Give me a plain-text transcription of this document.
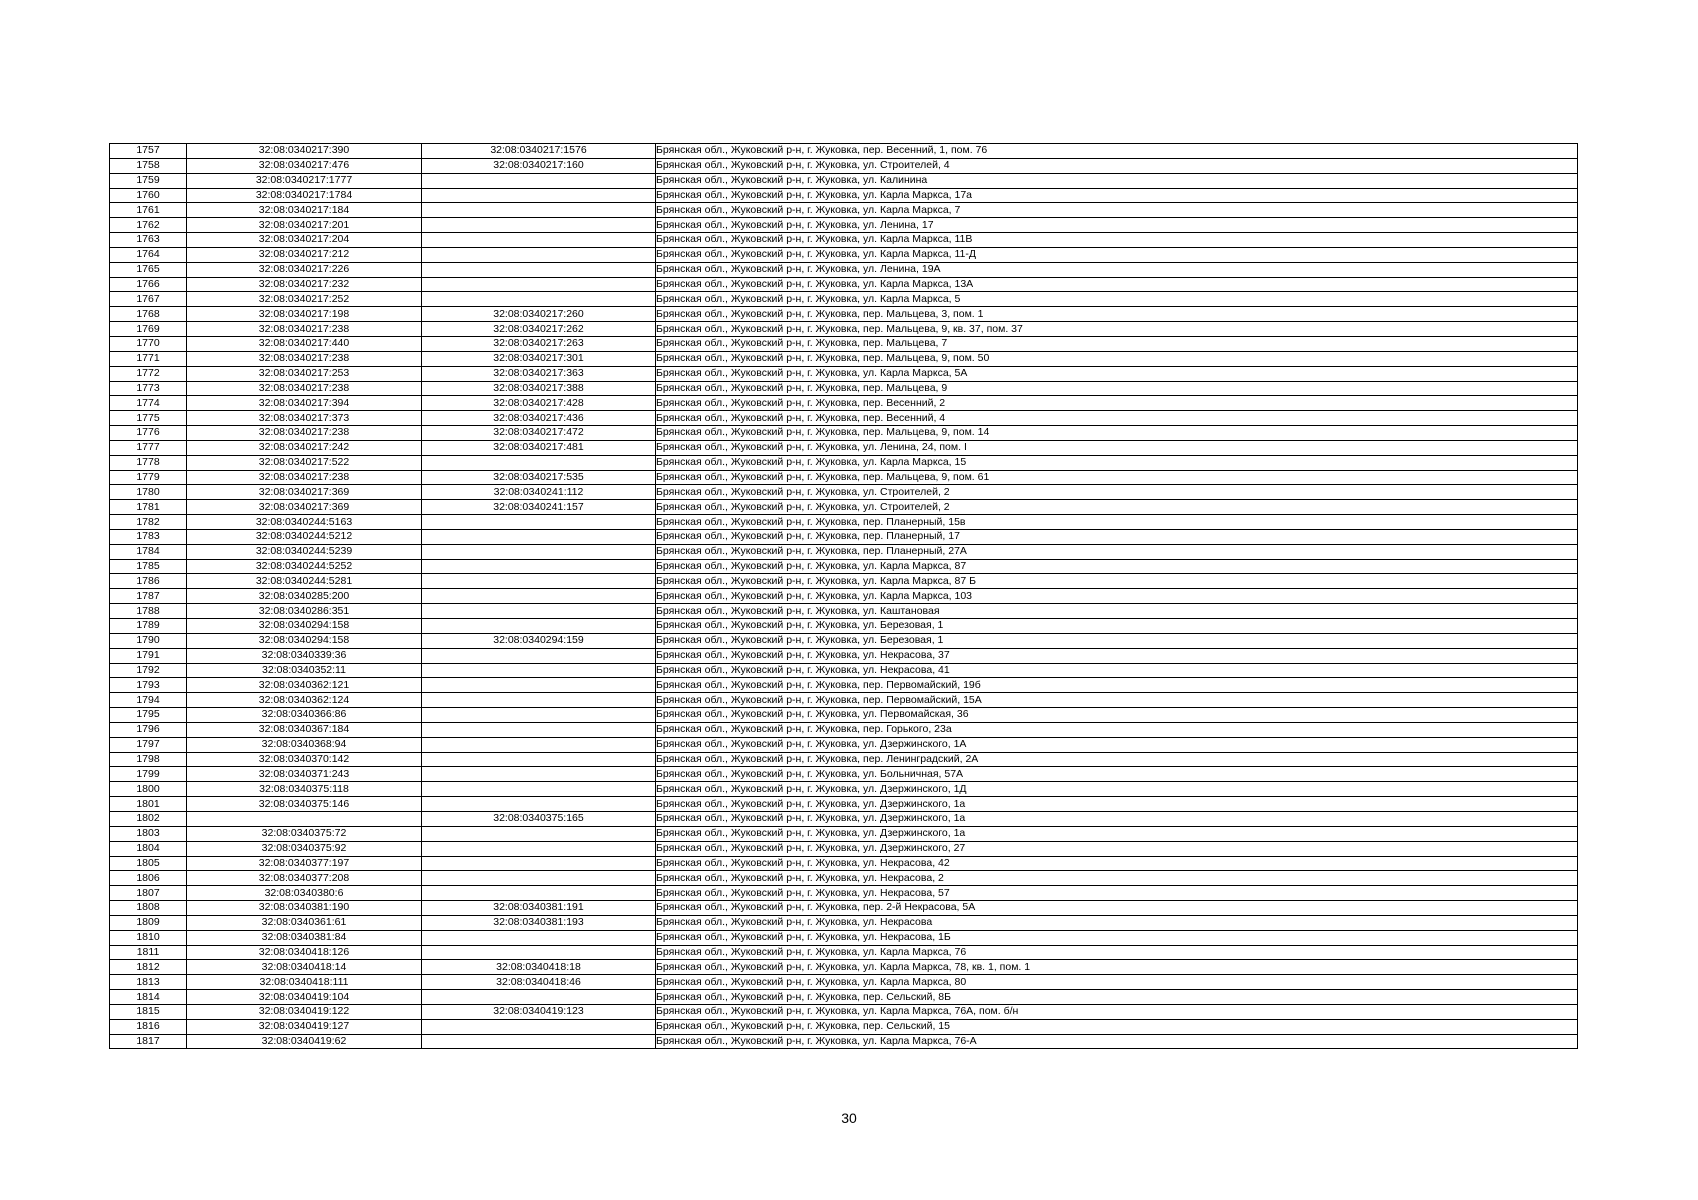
1757	32:08:0340217:390	32:08:0340217:1576	Брянская обл., Жуковский р-н, г. Жуковка, пер. Весенний, 1, пом. 76
1758	32:08:0340217:476	32:08:0340217:160	Брянская обл., Жуковский р-н, г. Жуковка, ул. Строителей, 4
1759	32:08:0340217:1777		Брянская обл., Жуковский р-н, г. Жуковка, ул. Калинина
1760	32:08:0340217:1784		Брянская обл., Жуковский р-н, г. Жуковка, ул. Карла Маркса, 17а
1761	32:08:0340217:184		Брянская обл., Жуковский р-н, г. Жуковка, ул. Карла Маркса, 7
1762	32:08:0340217:201		Брянская обл., Жуковский р-н, г. Жуковка, ул. Ленина, 17
1763	32:08:0340217:204		Брянская обл., Жуковский р-н, г. Жуковка, ул. Карла Маркса, 11В
1764	32:08:0340217:212		Брянская обл., Жуковский р-н, г. Жуковка, ул. Карла Маркса, 11-Д
1765	32:08:0340217:226		Брянская обл., Жуковский р-н, г. Жуковка, ул. Ленина, 19А
1766	32:08:0340217:232		Брянская обл., Жуковский р-н, г. Жуковка, ул. Карла Маркса, 13А
1767	32:08:0340217:252		Брянская обл., Жуковский р-н, г. Жуковка, ул. Карла Маркса, 5
1768	32:08:0340217:198	32:08:0340217:260	Брянская обл., Жуковский р-н, г. Жуковка, пер. Мальцева, 3, пом. 1
1769	32:08:0340217:238	32:08:0340217:262	Брянская обл., Жуковский р-н, г. Жуковка, пер. Мальцева, 9, кв. 37, пом. 37
1770	32:08:0340217:440	32:08:0340217:263	Брянская обл., Жуковский р-н, г. Жуковка, пер. Мальцева, 7
1771	32:08:0340217:238	32:08:0340217:301	Брянская обл., Жуковский р-н, г. Жуковка, пер. Мальцева, 9, пом. 50
1772	32:08:0340217:253	32:08:0340217:363	Брянская обл., Жуковский р-н, г. Жуковка, ул. Карла Маркса, 5А
1773	32:08:0340217:238	32:08:0340217:388	Брянская обл., Жуковский р-н, г. Жуковка, пер. Мальцева, 9
1774	32:08:0340217:394	32:08:0340217:428	Брянская обл., Жуковский р-н, г. Жуковка, пер. Весенний, 2
1775	32:08:0340217:373	32:08:0340217:436	Брянская обл., Жуковский р-н, г. Жуковка, пер. Весенний, 4
1776	32:08:0340217:238	32:08:0340217:472	Брянская обл., Жуковский р-н, г. Жуковка, пер. Мальцева, 9, пом. 14
1777	32:08:0340217:242	32:08:0340217:481	Брянская обл., Жуковский р-н, г. Жуковка, ул. Ленина, 24, пом. I
1778	32:08:0340217:522		Брянская обл., Жуковский р-н, г. Жуковка, ул. Карла Маркса, 15
1779	32:08:0340217:238	32:08:0340217:535	Брянская обл., Жуковский р-н, г. Жуковка, пер. Мальцева, 9, пом. 61
1780	32:08:0340217:369	32:08:0340241:112	Брянская обл., Жуковский р-н, г. Жуковка, ул. Строителей, 2
1781	32:08:0340217:369	32:08:0340241:157	Брянская обл., Жуковский р-н, г. Жуковка, ул. Строителей, 2
1782	32:08:0340244:5163		Брянская обл., Жуковский р-н, г. Жуковка, пер. Планерный, 15в
1783	32:08:0340244:5212		Брянская обл., Жуковский р-н, г. Жуковка, пер. Планерный, 17
1784	32:08:0340244:5239		Брянская обл., Жуковский р-н, г. Жуковка, пер. Планерный, 27А
1785	32:08:0340244:5252		Брянская обл., Жуковский р-н, г. Жуковка, ул. Карла Маркса, 87
1786	32:08:0340244:5281		Брянская обл., Жуковский р-н, г. Жуковка, ул. Карла Маркса, 87 Б
1787	32:08:0340285:200		Брянская обл., Жуковский р-н, г. Жуковка, ул. Карла Маркса, 103
1788	32:08:0340286:351		Брянская обл., Жуковский р-н, г. Жуковка, ул. Каштановая
1789	32:08:0340294:158		Брянская обл., Жуковский р-н, г. Жуковка, ул. Березовая, 1
1790	32:08:0340294:158	32:08:0340294:159	Брянская обл., Жуковский р-н, г. Жуковка, ул. Березовая, 1
1791	32:08:0340339:36		Брянская обл., Жуковский р-н, г. Жуковка, ул. Некрасова, 37
1792	32:08:0340352:11		Брянская обл., Жуковский р-н, г. Жуковка, ул. Некрасова, 41
1793	32:08:0340362:121		Брянская обл., Жуковский р-н, г. Жуковка, пер. Первомайский, 19б
1794	32:08:0340362:124		Брянская обл., Жуковский р-н, г. Жуковка, пер. Первомайский, 15А
1795	32:08:0340366:86		Брянская обл., Жуковский р-н, г. Жуковка, ул. Первомайская, 36
1796	32:08:0340367:184		Брянская обл., Жуковский р-н, г. Жуковка, пер. Горького, 23а
1797	32:08:0340368:94		Брянская обл., Жуковский р-н, г. Жуковка, ул. Дзержинского, 1А
1798	32:08:0340370:142		Брянская обл., Жуковский р-н, г. Жуковка, пер. Ленинградский, 2А
1799	32:08:0340371:243		Брянская обл., Жуковский р-н, г. Жуковка, ул. Больничная, 57А
1800	32:08:0340375:118		Брянская обл., Жуковский р-н, г. Жуковка, ул. Дзержинского, 1Д
1801	32:08:0340375:146		Брянская обл., Жуковский р-н, г. Жуковка, ул. Дзержинского, 1а
1802		32:08:0340375:165	Брянская обл., Жуковский р-н, г. Жуковка, ул. Дзержинского, 1а
1803	32:08:0340375:72		Брянская обл., Жуковский р-н, г. Жуковка, ул. Дзержинского, 1а
1804	32:08:0340375:92		Брянская обл., Жуковский р-н, г. Жуковка, ул. Дзержинского, 27
1805	32:08:0340377:197		Брянская обл., Жуковский р-н, г. Жуковка, ул. Некрасова, 42
1806	32:08:0340377:208		Брянская обл., Жуковский р-н, г. Жуковка, ул. Некрасова, 2
1807	32:08:0340380:6		Брянская обл., Жуковский р-н, г. Жуковка, ул. Некрасова, 57
1808	32:08:0340381:190	32:08:0340381:191	Брянская обл., Жуковский р-н, г. Жуковка, пер. 2-й Некрасова, 5А
1809	32:08:0340361:61	32:08:0340381:193	Брянская обл., Жуковский р-н, г. Жуковка, ул. Некрасова
1810	32:08:0340381:84		Брянская обл., Жуковский р-н, г. Жуковка, ул. Некрасова, 1Б
1811	32:08:0340418:126		Брянская обл., Жуковский р-н, г. Жуковка, ул. Карла Маркса, 76
1812	32:08:0340418:14	32:08:0340418:18	Брянская обл., Жуковский р-н, г. Жуковка, ул. Карла Маркса, 78, кв. 1, пом. 1
1813	32:08:0340418:111	32:08:0340418:46	Брянская обл., Жуковский р-н, г. Жуковка, ул. Карла Маркса, 80
1814	32:08:0340419:104		Брянская обл., Жуковский р-н, г. Жуковка, пер. Сельский, 8Б
1815	32:08:0340419:122	32:08:0340419:123	Брянская обл., Жуковский р-н, г. Жуковка, ул. Карла Маркса, 76А, пом. б/н
1816	32:08:0340419:127		Брянская обл., Жуковский р-н, г. Жуковка, пер. Сельский, 15
1817	32:08:0340419:62		Брянская обл., Жуковский р-н, г. Жуковка, ул. Карла Маркса, 76-А
30
